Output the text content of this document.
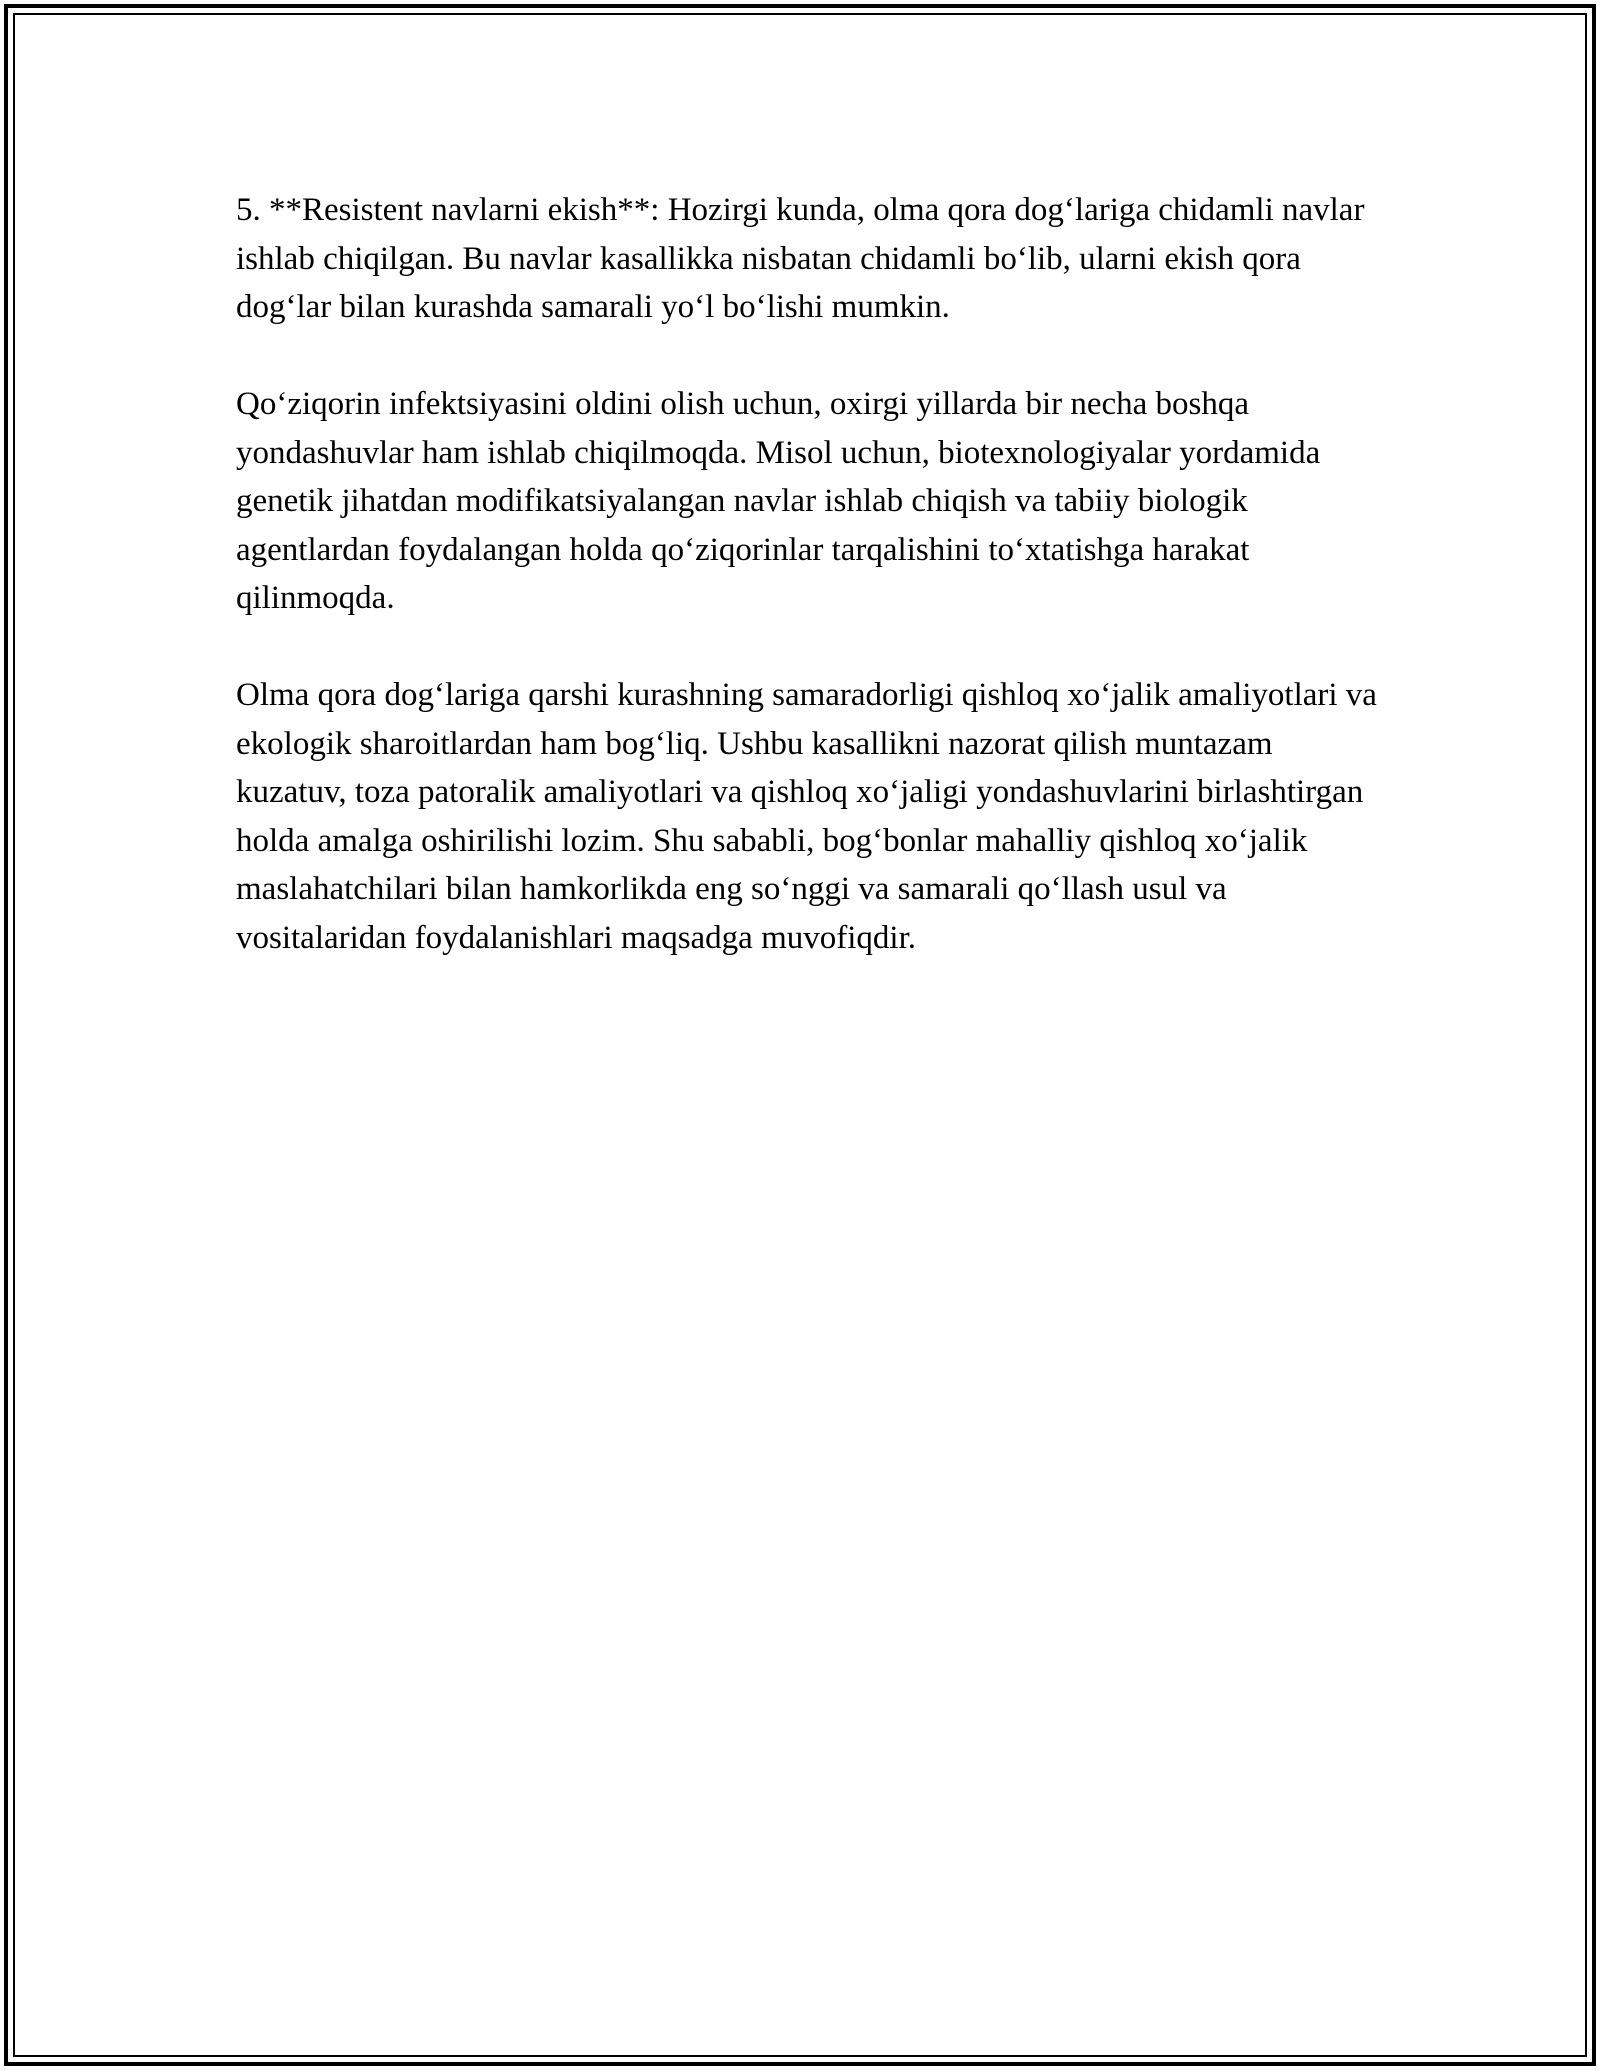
5. **Resistent navlarni ekish**: Hozirgi kunda, olma qora dog‘lariga chidamli navlar ishlab chiqilgan. Bu navlar kasallikka nisbatan chidamli bo‘lib, ularni ekish qora dog‘lar bilan kurashda samarali yo‘l bo‘lishi mumkin.

Qo‘ziqorin infektsiyasini oldini olish uchun, oxirgi yillarda bir necha boshqa yondashuvlar ham ishlab chiqilmoqda. Misol uchun, biotexnologiyalar yordamida genetik jihatdan modifikatsiyalangan navlar ishlab chiqish va tabiiy biologik agentlardan foydalangan holda qo‘ziqorinlar tarqalishini to‘xtatishga harakat qilinmoqda.

Olma qora dog‘lariga qarshi kurashning samaradorligi qishloq xo‘jalik amaliyotlari va ekologik sharoitlardan ham bog‘liq. Ushbu kasallikni nazorat qilish muntazam kuzatuv, toza patoralik amaliyotlari va qishloq xo‘jaligi yondashuvlarini birlashtirgan holda amalga oshirilishi lozim. Shu sababli, bog‘bonlar mahalliy qishloq xo‘jalik maslahatchilari bilan hamkorlikda eng so‘nggi va samarali qo‘llash usul va vositalaridan foydalanishlari maqsadga muvofiqdir.
